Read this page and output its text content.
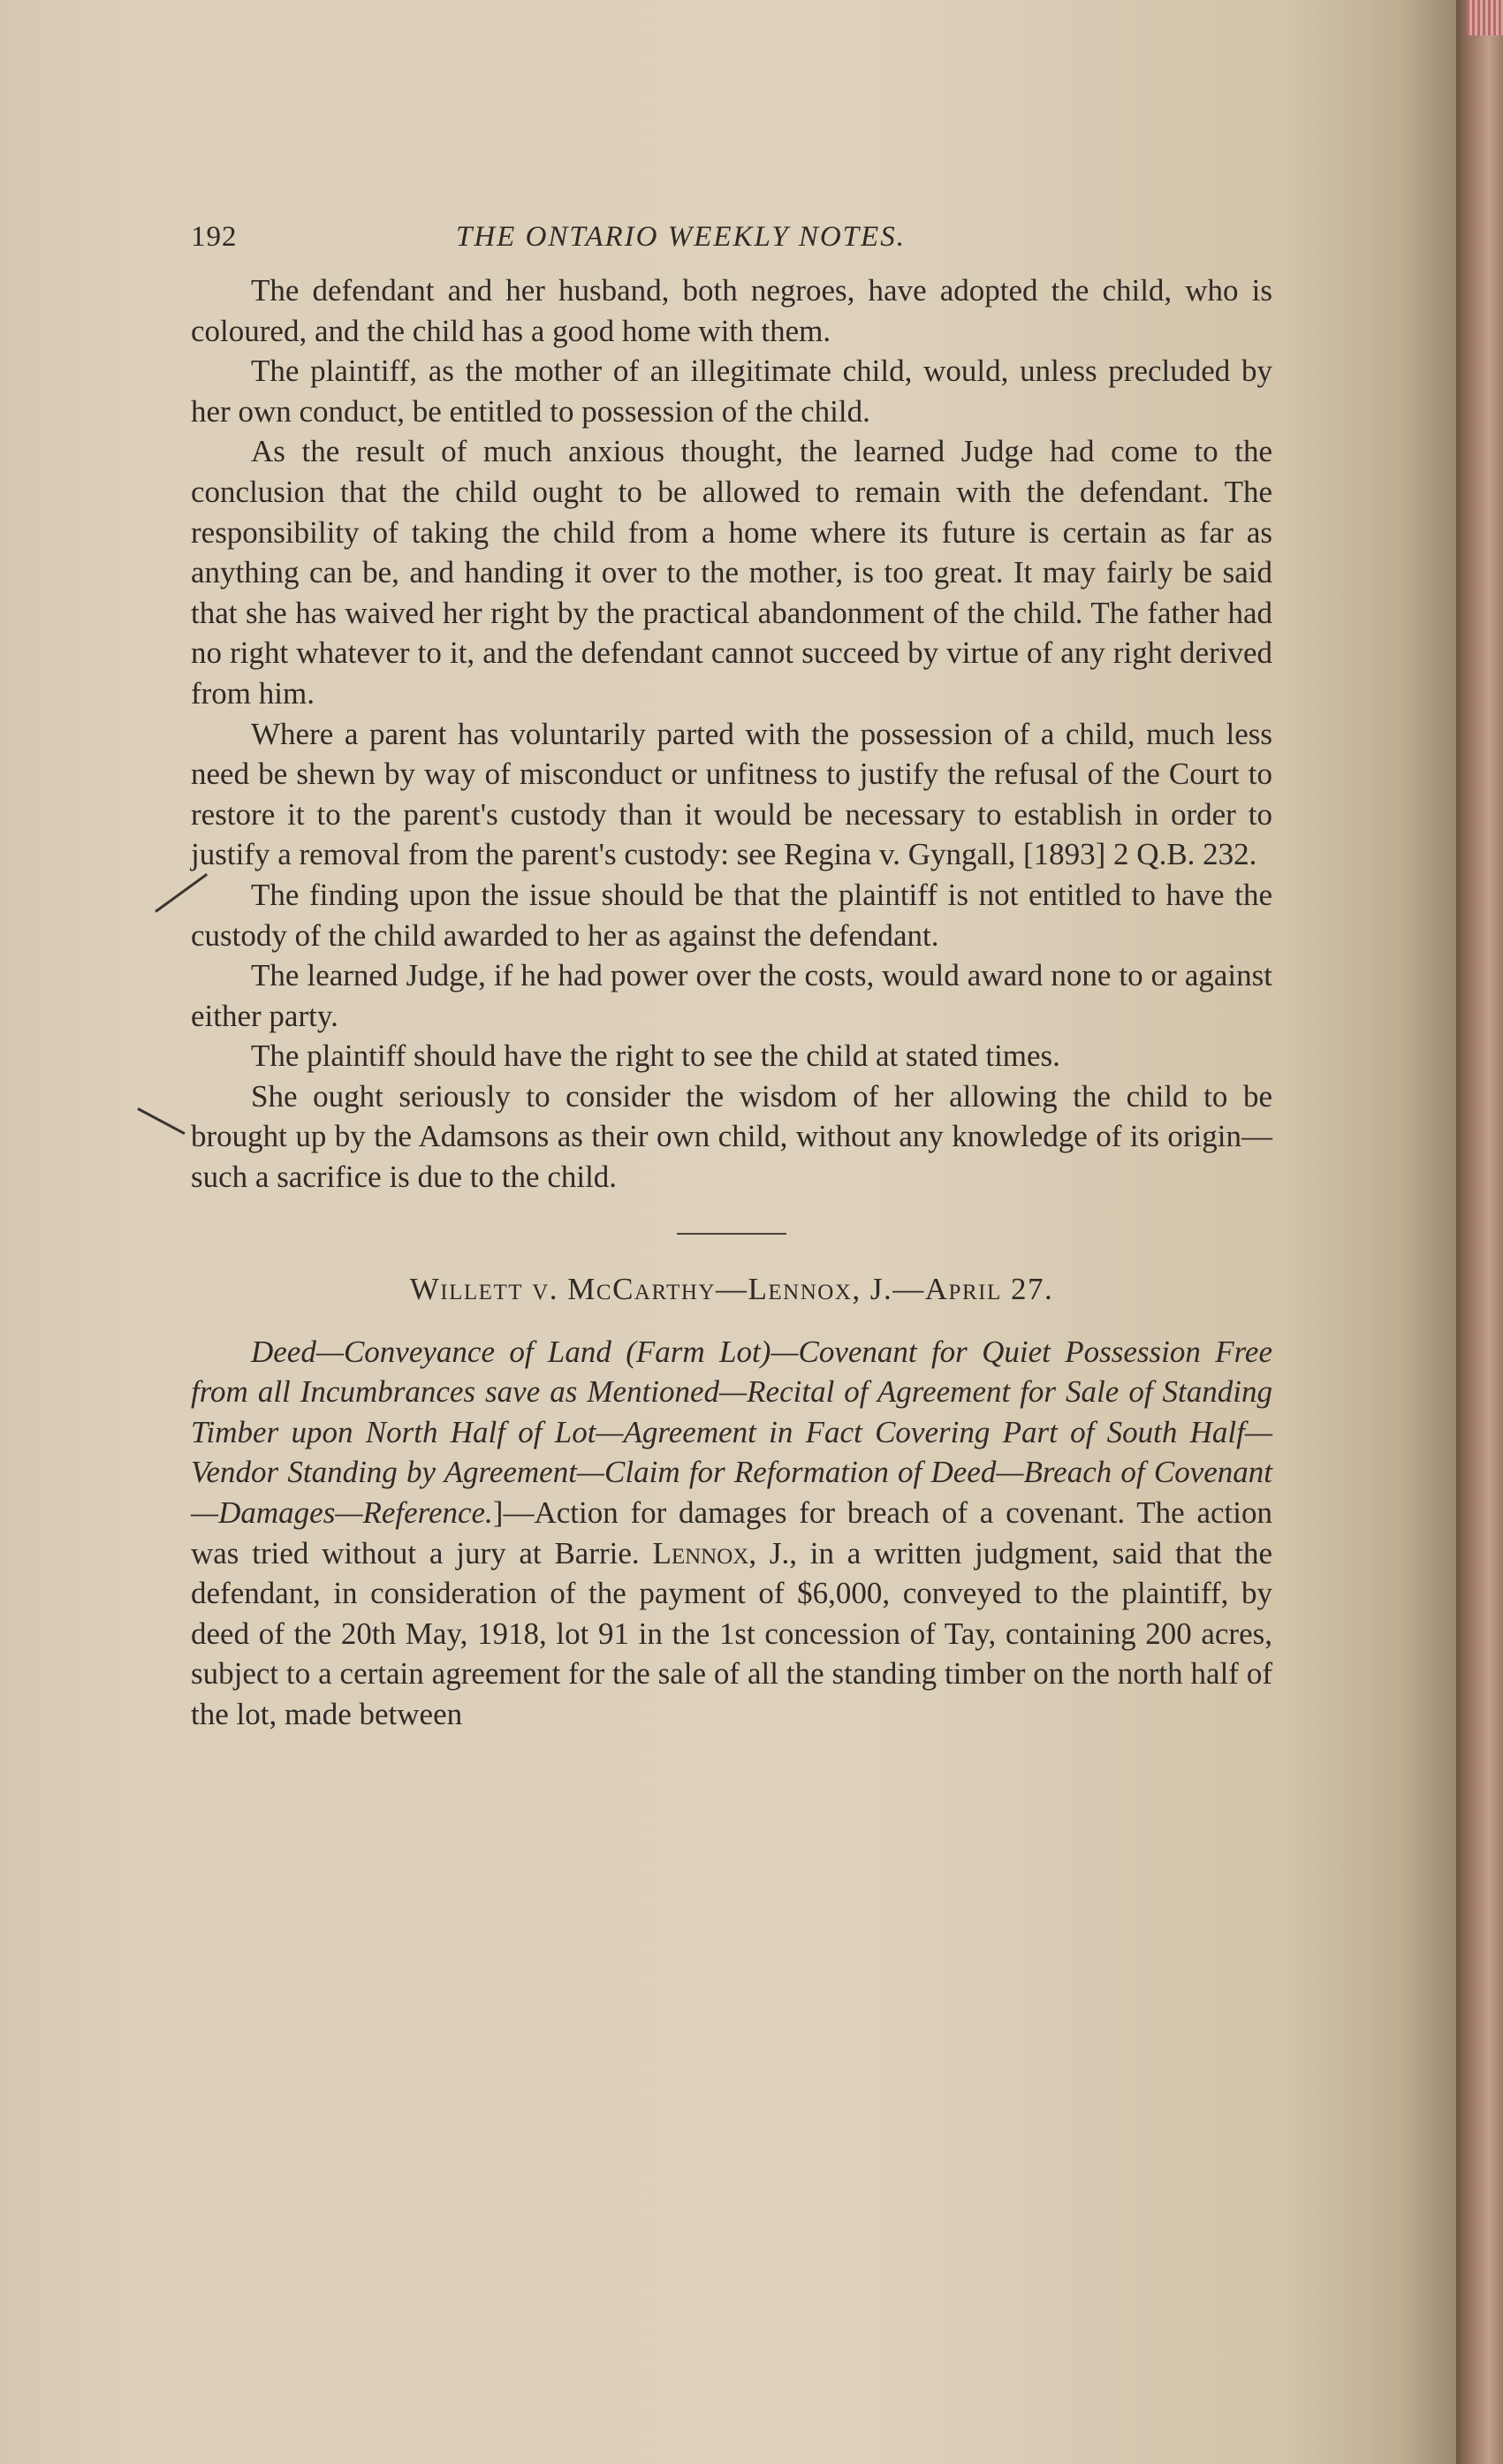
192	THE ONTARIO WEEKLY NOTES.

The defendant and her husband, both negroes, have adopted the child, who is coloured, and the child has a good home with them.

The plaintiff, as the mother of an illegitimate child, would, unless precluded by her own conduct, be entitled to possession of the child.

As the result of much anxious thought, the learned Judge had come to the conclusion that the child ought to be allowed to remain with the defendant. The responsibility of taking the child from a home where its future is certain as far as anything can be, and handing it over to the mother, is too great. It may fairly be said that she has waived her right by the practical abandonment of the child. The father had no right whatever to it, and the defendant cannot succeed by virtue of any right derived from him.

Where a parent has voluntarily parted with the possession of a child, much less need be shewn by way of misconduct or unfitness to justify the refusal of the Court to restore it to the parent's custody than it would be necessary to establish in order to justify a removal from the parent's custody: see Regina v. Gyngall, [1893] 2 Q.B. 232.

The finding upon the issue should be that the plaintiff is not entitled to have the custody of the child awarded to her as against the defendant.

The learned Judge, if he had power over the costs, would award none to or against either party.

The plaintiff should have the right to see the child at stated times.

She ought seriously to consider the wisdom of her allowing the child to be brought up by the Adamsons as their own child, without any knowledge of its origin—such a sacrifice is due to the child.

Willett v. McCarthy—Lennox, J.—April 27.

Deed—Conveyance of Land (Farm Lot)—Covenant for Quiet Possession Free from all Incumbrances save as Mentioned—Recital of Agreement for Sale of Standing Timber upon North Half of Lot—Agreement in Fact Covering Part of South Half—Vendor Standing by Agreement—Claim for Reformation of Deed—Breach of Covenant—Damages—Reference.]—Action for damages for breach of a covenant. The action was tried without a jury at Barrie. Lennox, J., in a written judgment, said that the defendant, in consideration of the payment of $6,000, conveyed to the plaintiff, by deed of the 20th May, 1918, lot 91 in the 1st concession of Tay, containing 200 acres, subject to a certain agreement for the sale of all the standing timber on the north half of the lot, made between
